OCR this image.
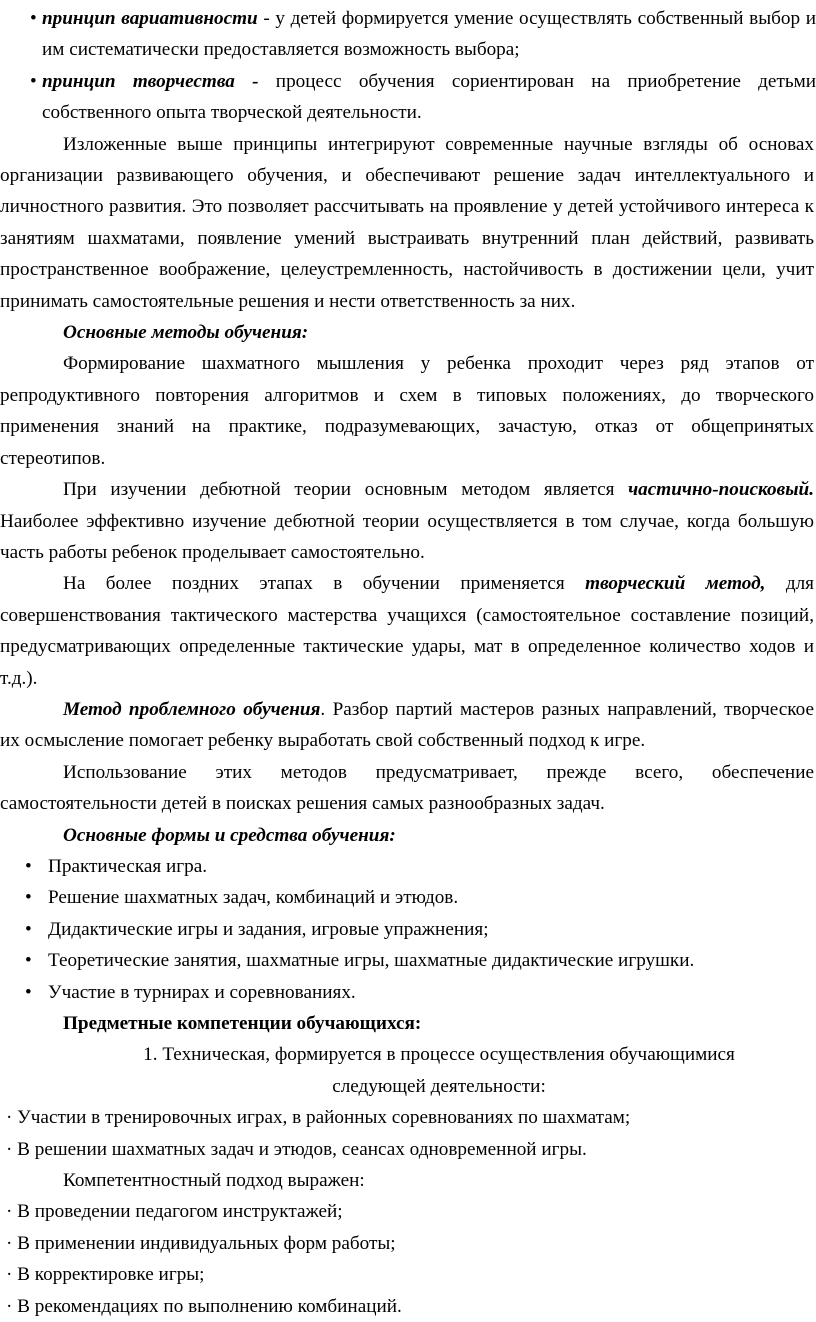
• принцип вариативности - у детей формируется умение осуществлять собственный выбор и им систематически предоставляется возможность выбора;
• принцип творчества - процесс обучения сориентирован на приобретение детьми собственного опыта творческой деятельности.

Изложенные выше принципы интегрируют современные научные взгляды об основах организации развивающего обучения, и обеспечивают решение задач интеллектуального и личностного развития. Это позволяет рассчитывать на проявление у детей устойчивого интереса к занятиям шахматами, появление умений выстраивать внутренний план действий, развивать пространственное воображение, целеустремленность, настойчивость в достижении цели, учит принимать самостоятельные решения и нести ответственность за них.

Основные методы обучения:

Формирование шахматного мышления у ребенка проходит через ряд этапов от репродуктивного повторения алгоритмов и схем в типовых положениях, до творческого применения знаний на практике, подразумевающих, зачастую, отказ от общепринятых стереотипов.

При изучении дебютной теории основным методом является частично-поисковый. Наиболее эффективно изучение дебютной теории осуществляется в том случае, когда большую часть работы ребенок проделывает самостоятельно.

На более поздних этапах в обучении применяется творческий метод, для совершенствования тактического мастерства учащихся (самостоятельное составление позиций, предусматривающих определенные тактические удары, мат в определенное количество ходов и т.д.).

Метод проблемного обучения. Разбор партий мастеров разных направлений, творческое их осмысление помогает ребенку выработать свой собственный подход к игре.

Использование этих методов предусматривает, прежде всего, обеспечение самостоятельности детей в поисках решения самых разнообразных задач.

Основные формы и средства обучения:

• Практическая игра.
• Решение шахматных задач, комбинаций и этюдов.
• Дидактические игры и задания, игровые упражнения;
• Теоретические занятия, шахматные игры, шахматные дидактические игрушки.
• Участие в турнирах и соревнованиях.

Предметные компетенции обучающихся:

1. Техническая, формируется в процессе осуществления обучающимися

следующей деятельности:

· Участии в тренировочных играх, в районных соревнованиях по шахматам;

· В решении шахматных задач и этюдов, сеансах одновременной игры.

Компетентностный подход выражен:

· В проведении педагогом инструктажей;

· В применении индивидуальных форм работы;

· В корректировке игры;

· В рекомендациях по выполнению комбинаций.
